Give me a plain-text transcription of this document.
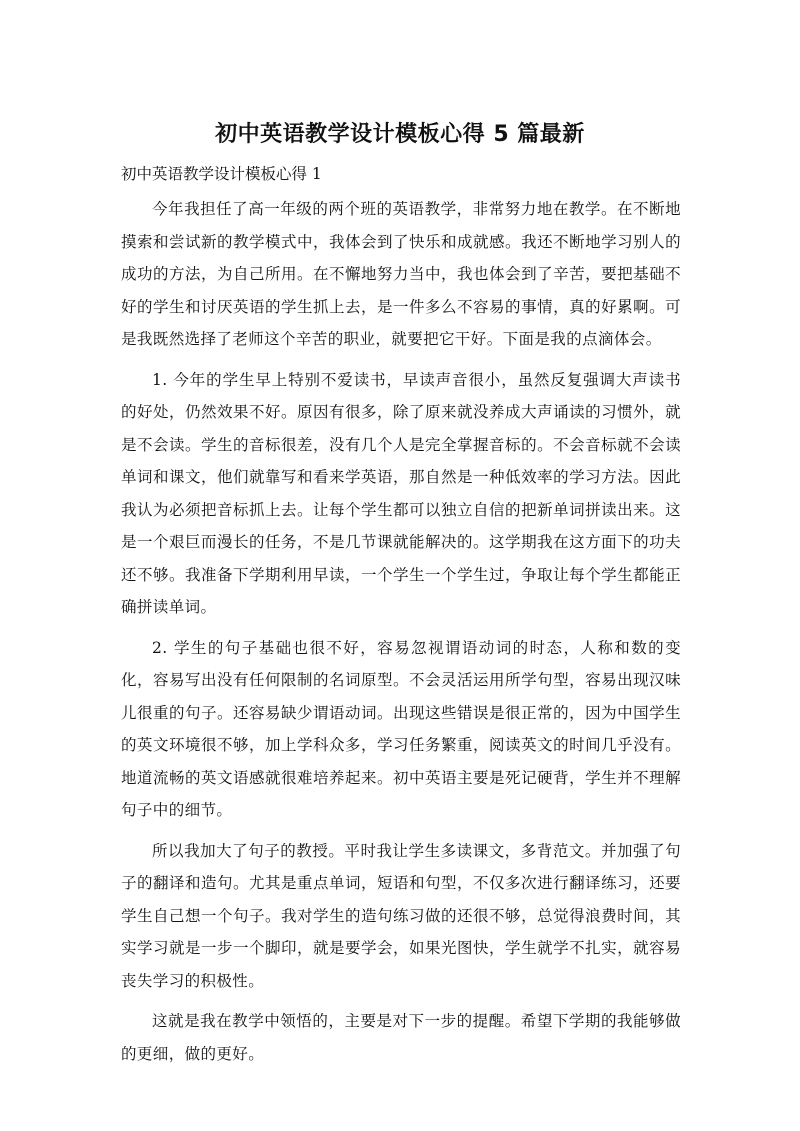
初中英语教学设计模板心得 5 篇最新
初中英语教学设计模板心得 1

今年我担任了高一年级的两个班的英语教学，非常努力地在教学。在不断地摸索和尝试新的教学模式中，我体会到了快乐和成就感。我还不断地学习别人的成功的方法，为自己所用。在不懈地努力当中，我也体会到了辛苦，要把基础不好的学生和讨厌英语的学生抓上去，是一件多么不容易的事情，真的好累啊。可是我既然选择了老师这个辛苦的职业，就要把它干好。下面是我的点滴体会。

1. 今年的学生早上特别不爱读书，早读声音很小，虽然反复强调大声读书的好处，仍然效果不好。原因有很多，除了原来就没养成大声诵读的习惯外，就是不会读。学生的音标很差，没有几个人是完全掌握音标的。不会音标就不会读单词和课文，他们就靠写和看来学英语，那自然是一种低效率的学习方法。因此我认为必须把音标抓上去。让每个学生都可以独立自信的把新单词拼读出来。这是一个艰巨而漫长的任务，不是几节课就能解决的。这学期我在这方面下的功夫还不够。我准备下学期利用早读，一个学生一个学生过，争取让每个学生都能正确拼读单词。

2. 学生的句子基础也很不好，容易忽视谓语动词的时态，人称和数的变化，容易写出没有任何限制的名词原型。不会灵活运用所学句型，容易出现汉味儿很重的句子。还容易缺少谓语动词。出现这些错误是很正常的，因为中国学生的英文环境很不够，加上学科众多，学习任务繁重，阅读英文的时间几乎没有。地道流畅的英文语感就很难培养起来。初中英语主要是死记硬背，学生并不理解句子中的细节。

所以我加大了句子的教授。平时我让学生多读课文，多背范文。并加强了句子的翻译和造句。尤其是重点单词，短语和句型，不仅多次进行翻译练习，还要学生自己想一个句子。我对学生的造句练习做的还很不够，总觉得浪费时间，其实学习就是一步一个脚印，就是要学会，如果光图快，学生就学不扎实，就容易丧失学习的积极性。

这就是我在教学中领悟的，主要是对下一步的提醒。希望下学期的我能够做的更细，做的更好。
